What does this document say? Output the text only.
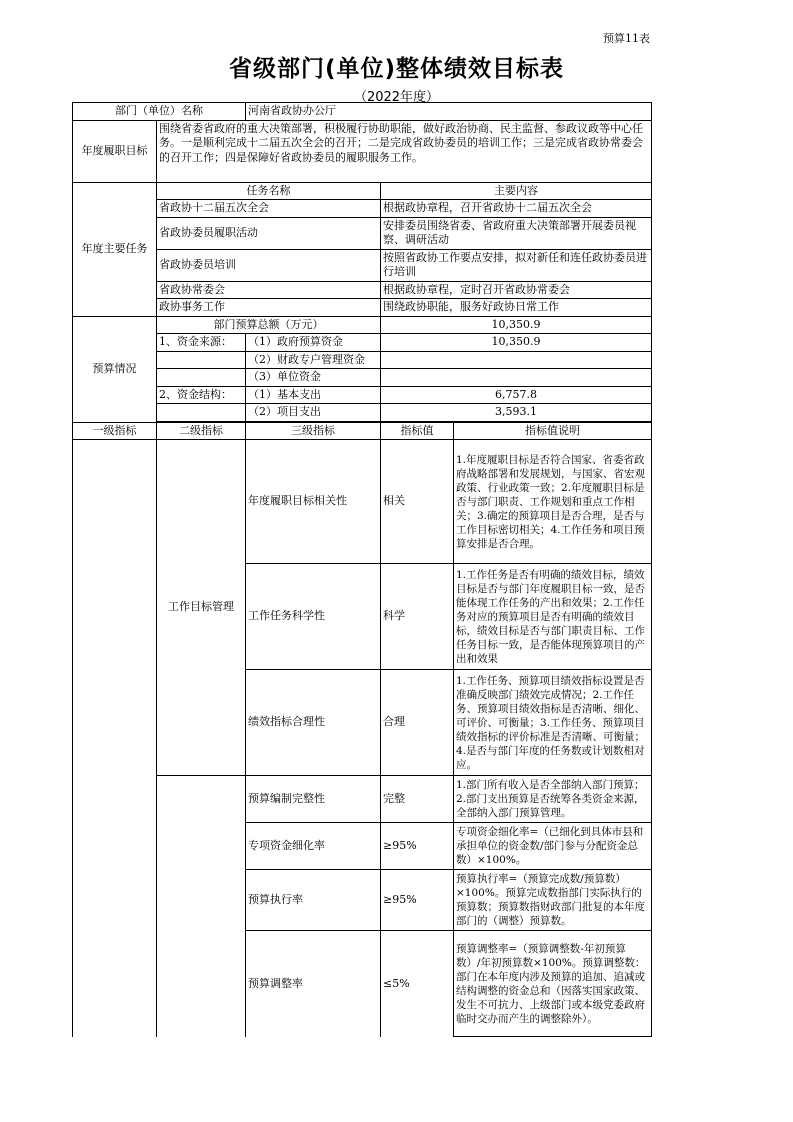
预算11表
省级部门(单位)整体绩效目标表
（2022年度）
部门（单位）名称		河南省政协办公厅		
年度履职目标	围绕省委省政府的重大决策部署，积极履行协助职能，做好政治协商、民主监督、参政议政等中心任务。一是顺利完成十二届五次全会的召开；二是完成省政协委员的培训工作；三是完成省政协常委会的召开工作；四是保障好省政协委员的履职服务工作。			
年度主要任务	任务名称		主要内容	
	省政协十二届五次全会		根据政协章程，召开省政协十二届五次全会	
	省政协委员履职活动		安排委员围绕省委、省政府重大决策部署开展委员视察、调研活动	
	省政协委员培训		按照省政协工作要点安排，拟对新任和连任政协委员进行培训	
	省政协常委会		根据政协章程，定时召开省政协常委会	
	政协事务工作		围绕政协职能，服务好政协日常工作	
预算情况	部门预算总额（万元）		10,350.9	
	1、资金来源：	（1）政府预算资金	10,350.9	
		（2）财政专户管理资金		
		（3）单位资金		
	2、资金结构：	（1）基本支出	6,757.8	
		（2）项目支出	3,593.1	

一级指标	二级指标	三级指标	指标值	指标值说明
	工作目标管理	年度履职目标相关性	相关	1.年度履职目标是否符合国家、省委省政府战略部署和发展规划，与国家、省宏观政策、行业政策一致；2.年度履职目标是否与部门职责、工作规划和重点工作相关；3.确定的预算项目是否合理，是否与工作目标密切相关；4.工作任务和项目预算安排是否合理。
		工作任务科学性	科学	1.工作任务是否有明确的绩效目标，绩效目标是否与部门年度履职目标一致，是否能体现工作任务的产出和效果；2.工作任务对应的预算项目是否有明确的绩效目标，绩效目标是否与部门职责目标、工作任务目标一致，是否能体现预算项目的产出和效果
		绩效指标合理性	合理	1.工作任务、预算项目绩效指标设置是否准确反映部门绩效完成情况；2.工作任务、预算项目绩效指标是否清晰、细化、可评价、可衡量；3.工作任务、预算项目绩效指标的评价标准是否清晰、可衡量；4.是否与部门年度的任务数或计划数相对应。
		预算编制完整性	完整	1.部门所有收入是否全部纳入部门预算；2.部门支出预算是否统筹各类资金来源，全部纳入部门预算管理。
		专项资金细化率	≥95%	专项资金细化率=（已细化到具体市县和承担单位的资金数/部门参与分配资金总数）×100%。
		预算执行率	≥95%	预算执行率=（预算完成数/预算数）×100%。预算完成数指部门实际执行的预算数；预算数指财政部门批复的本年度部门的（调整）预算数。
		预算调整率	≤5%	预算调整率=（预算调整数-年初预算数）/年初预算数×100%。预算调整数：部门在本年度内涉及预算的追加、追减或结构调整的资金总和（因落实国家政策、发生不可抗力、上级部门或本级党委政府临时交办而产生的调整除外）。
